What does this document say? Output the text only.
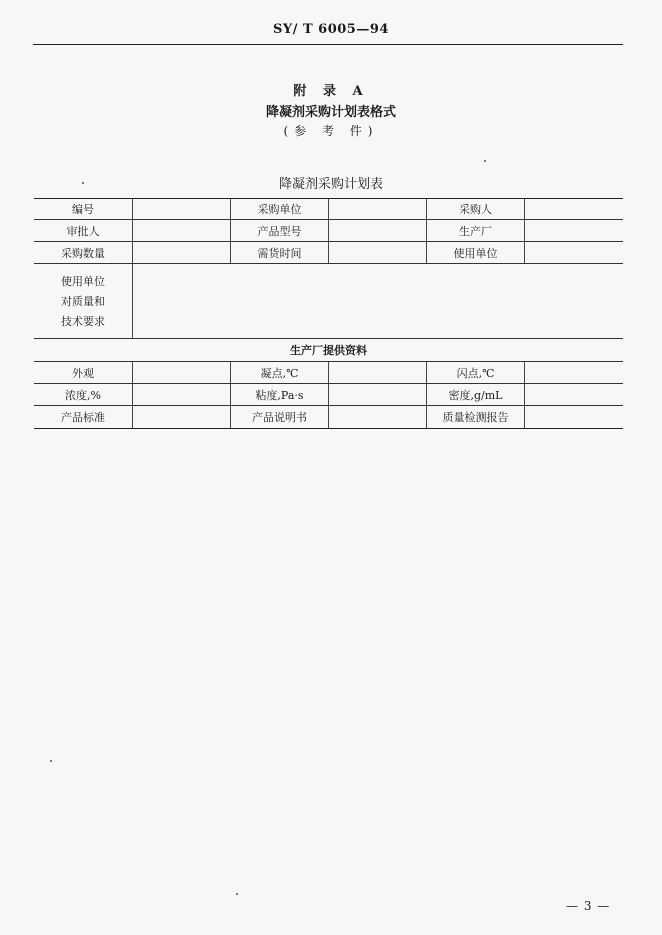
SY/ T 6005—94
附 录 A
降凝剂采购计划表格式
(参 考 件)
降凝剂采购计划表
编号	采购单位	采购人
审批人	产品型号	生产厂
采购数量	需货时间	使用单位
使用单位
对质量和
技术要求
生产厂提供资料
外观	凝点,℃	闪点,℃
浓度,%	粘度,Pa·s	密度,g/mL
产品标准	产品说明书	质量检测报告
— 3 —
